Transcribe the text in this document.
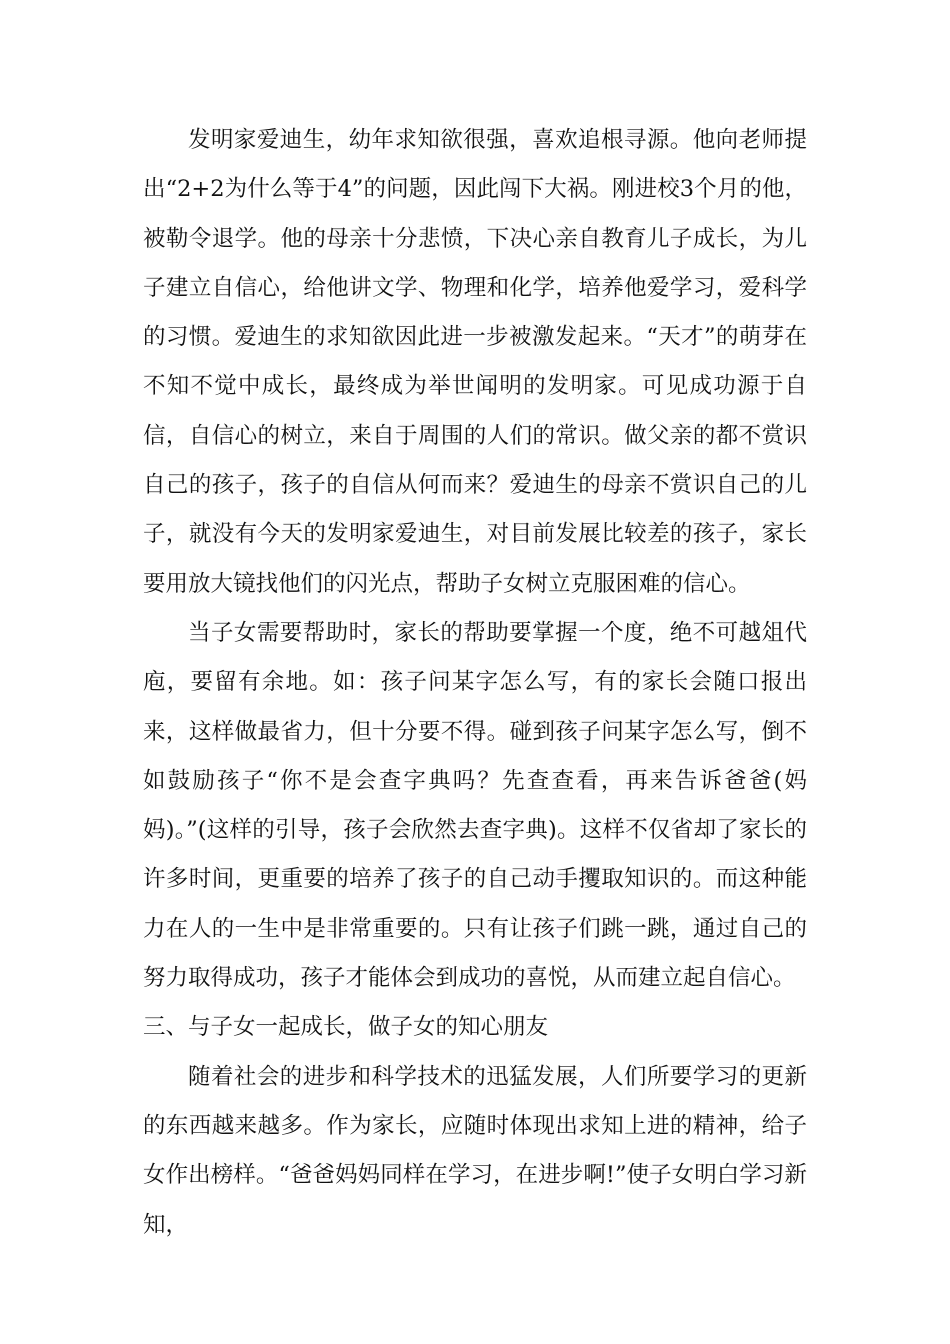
发明家爱迪生，幼年求知欲很强，喜欢追根寻源。他向老师提出“2+2为什么等于4”的问题，因此闯下大祸。刚进校3个月的他，被勒令退学。他的母亲十分悲愤，下决心亲自教育儿子成长，为儿子建立自信心，给他讲文学、物理和化学，培养他爱学习，爱科学的习惯。爱迪生的求知欲因此进一步被激发起来。“天才”的萌芽在不知不觉中成长，最终成为举世闻明的发明家。可见成功源于自信，自信心的树立，来自于周围的人们的常识。做父亲的都不赏识自己的孩子，孩子的自信从何而来？爱迪生的母亲不赏识自己的儿子，就没有今天的发明家爱迪生，对目前发展比较差的孩子，家长要用放大镜找他们的闪光点，帮助子女树立克服困难的信心。

当子女需要帮助时，家长的帮助要掌握一个度，绝不可越俎代庖，要留有余地。如：孩子问某字怎么写，有的家长会随口报出来，这样做最省力，但十分要不得。碰到孩子问某字怎么写，倒不如鼓励孩子“你不是会查字典吗？先查查看，再来告诉爸爸(妈妈)。”(这样的引导，孩子会欣然去查字典)。这样不仅省却了家长的许多时间，更重要的培养了孩子的自己动手攫取知识的。而这种能力在人的一生中是非常重要的。只有让孩子们跳一跳，通过自己的努力取得成功，孩子才能体会到成功的喜悦，从而建立起自信心。

三、与子女一起成长，做子女的知心朋友

随着社会的进步和科学技术的迅猛发展，人们所要学习的更新的东西越来越多。作为家长，应随时体现出求知上进的精神，给子女作出榜样。“爸爸妈妈同样在学习，在进步啊!”使子女明白学习新知，
